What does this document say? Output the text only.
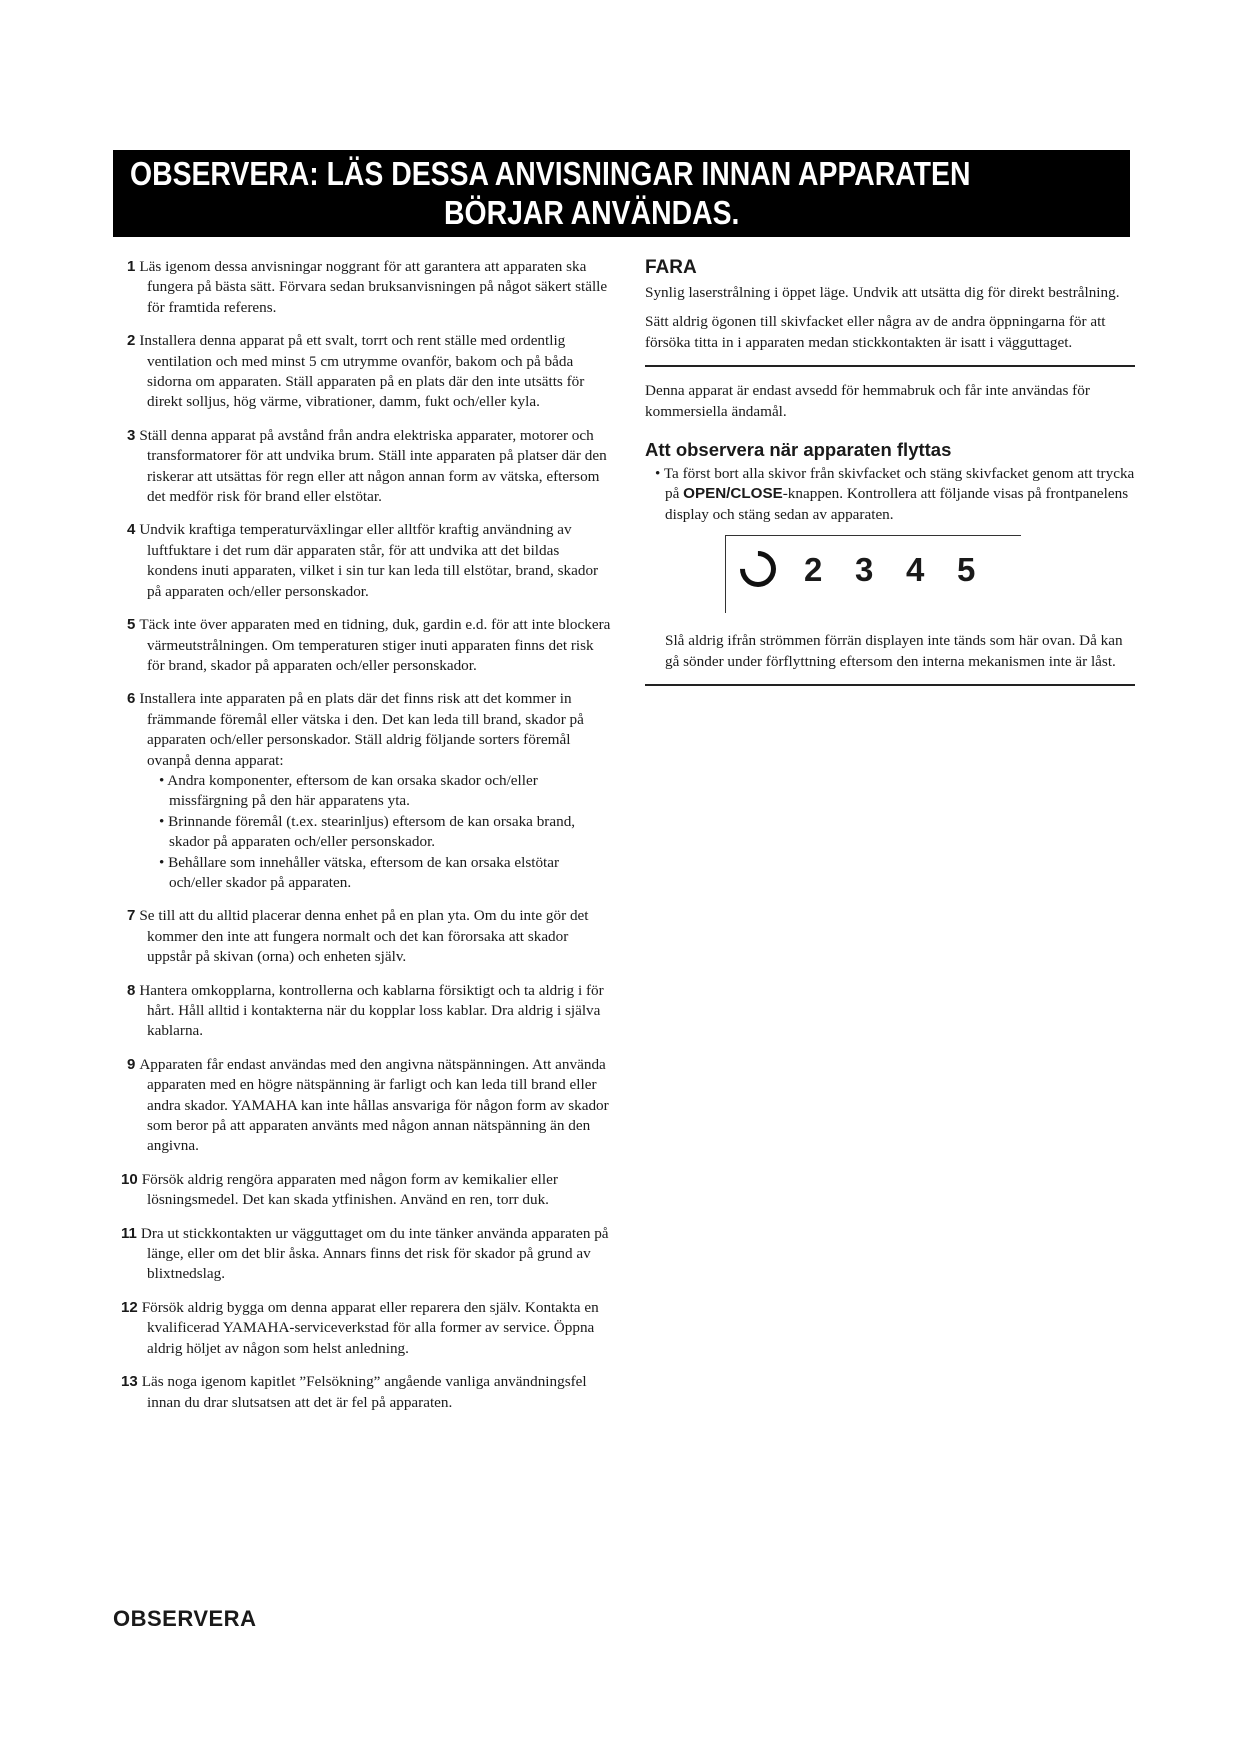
OBSERVERA: LÄS DESSA ANVISNINGAR INNAN APPARATEN
BÖRJAR ANVÄNDAS.

1 Läs igenom dessa anvisningar noggrant för att garantera att apparaten ska fungera på bästa sätt. Förvara sedan bruksanvisningen på något säkert ställe för framtida referens.

2 Installera denna apparat på ett svalt, torrt och rent ställe med ordentlig ventilation och med minst 5 cm utrymme ovanför, bakom och på båda sidorna om apparaten. Ställ apparaten på en plats där den inte utsätts för direkt solljus, hög värme, vibrationer, damm, fukt och/eller kyla.

3 Ställ denna apparat på avstånd från andra elektriska apparater, motorer och transformatorer för att undvika brum. Ställ inte apparaten på platser där den riskerar att utsättas för regn eller att någon annan form av vätska, eftersom det medför risk för brand eller elstötar.

4 Undvik kraftiga temperaturväxlingar eller alltför kraftig användning av luftfuktare i det rum där apparaten står, för att undvika att det bildas kondens inuti apparaten, vilket i sin tur kan leda till elstötar, brand, skador på apparaten och/eller personskador.

5 Täck inte över apparaten med en tidning, duk, gardin e.d. för att inte blockera värmeutstrålningen. Om temperaturen stiger inuti apparaten finns det risk för brand, skador på apparaten och/eller personskador.

6 Installera inte apparaten på en plats där det finns risk att det kommer in främmande föremål eller vätska i den. Det kan leda till brand, skador på apparaten och/eller personskador. Ställ aldrig följande sorters föremål ovanpå denna apparat:
• Andra komponenter, eftersom de kan orsaka skador och/eller missfärgning på den här apparatens yta.
• Brinnande föremål (t.ex. stearinljus) eftersom de kan orsaka brand, skador på apparaten och/eller personskador.
• Behållare som innehåller vätska, eftersom de kan orsaka elstötar och/eller skador på apparaten.

7 Se till att du alltid placerar denna enhet på en plan yta. Om du inte gör det kommer den inte att fungera normalt och det kan förorsaka att skador uppstår på skivan (orna) och enheten själv.

8 Hantera omkopplarna, kontrollerna och kablarna försiktigt och ta aldrig i för hårt. Håll alltid i kontakterna när du kopplar loss kablar. Dra aldrig i själva kablarna.

9 Apparaten får endast användas med den angivna nätspänningen. Att använda apparaten med en högre nätspänning är farligt och kan leda till brand eller andra skador. YAMAHA kan inte hållas ansvariga för någon form av skador som beror på att apparaten använts med någon annan nätspänning än den angivna.

10 Försök aldrig rengöra apparaten med någon form av kemikalier eller lösningsmedel. Det kan skada ytfinishen. Använd en ren, torr duk.

11 Dra ut stickkontakten ur vägguttaget om du inte tänker använda apparaten på länge, eller om det blir åska. Annars finns det risk för skador på grund av blixtnedslag.

12 Försök aldrig bygga om denna apparat eller reparera den själv. Kontakta en kvalificerad YAMAHA-serviceverkstad för alla former av service. Öppna aldrig höljet av någon som helst anledning.

13 Läs noga igenom kapitlet ”Felsökning” angående vanliga användningsfel innan du drar slutsatsen att det är fel på apparaten.

FARA

Synlig laserstrålning i öppet läge. Undvik att utsätta dig för direkt bestrålning.

Sätt aldrig ögonen till skivfacket eller några av de andra öppningarna för att försöka titta in i apparaten medan stickkontakten är isatt i vägguttaget.

Denna apparat är endast avsedd för hemmabruk och får inte användas för kommersiella ändamål.

Att observera när apparaten flyttas

• Ta först bort alla skivor från skivfacket och stäng skivfacket genom att trycka på OPEN/CLOSE-knappen. Kontrollera att följande visas på frontpanelens display och stäng sedan av apparaten.

2 3 4 5

Slå aldrig ifrån strömmen förrän displayen inte tänds som här ovan. Då kan gå sönder under förflyttning eftersom den interna mekanismen inte är låst.

OBSERVERA
